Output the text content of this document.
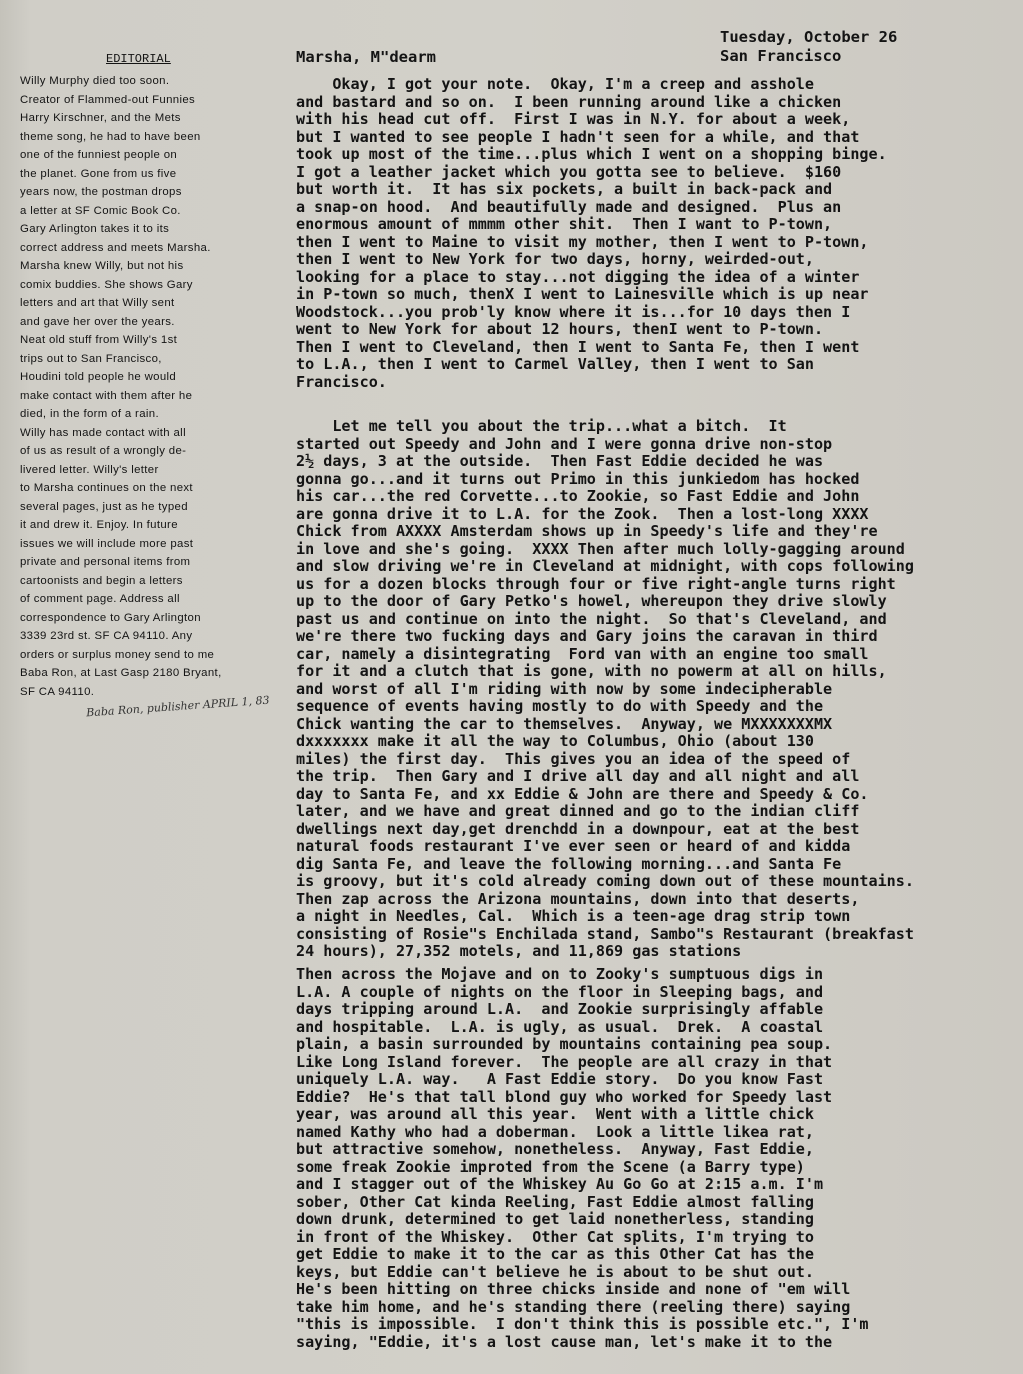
EDITORIAL
Willy Murphy died too soon.
Creator of Flammed-out Funnies
Harry Kirschner, and the Mets
theme song, he had to have been
one of the funniest people on
the planet. Gone from us five
years now, the postman drops
a letter at SF Comic Book Co.
Gary Arlington takes it to its
correct address and meets Marsha.
Marsha knew Willy, but not his
comix buddies. She shows Gary
letters and art that Willy sent
and gave her over the years.
Neat old stuff from Willy's 1st
trips out to San Francisco,
Houdini told people he would
make contact with them after he
died, in the form of a rain.
Willy has made contact with all
of us as result of a wrongly de-
livered letter. Willy's letter
to Marsha continues on the next
several pages, just as he typed
it and drew it. Enjoy. In future
issues we will include more past
private and personal items from
cartoonists and begin a letters
of comment page. Address all
correspondence to Gary Arlington
3339 23rd st. SF CA 94110. Any
orders or surplus money send to me
Baba Ron, at Last Gasp 2180 Bryant,
SF CA 94110.
Baba Ron, publisher APRIL 1, 83
Tuesday, October 26
San Francisco
Marsha, M"dearm
Okay, I got your note.  Okay, I'm a creep and asshole
and bastard and so on.  I been running around like a chicken
with his head cut off.  First I was in N.Y. for about a week,
but I wanted to see people I hadn't seen for a while, and that
took up most of the time...plus which I went on a shopping binge.
I got a leather jacket which you gotta see to believe.  $160
but worth it.  It has six pockets, a built in back-pack and
a snap-on hood.  And beautifully made and designed.  Plus an
enormous amount of mmmm other shit.  Then I want to P-town,
then I went to Maine to visit my mother, then I went to P-town,
then I went to New York for two days, horny, weirded-out,
looking for a place to stay...not digging the idea of a winter
in P-town so much, thenX I went to Lainesville which is up near
Woodstock...you prob'ly know where it is...for 10 days then I
went to New York for about 12 hours, thenI went to P-town.
Then I went to Cleveland, then I went to Santa Fe, then I went
to L.A., then I went to Carmel Valley, then I went to San
Francisco.
Let me tell you about the trip...what a bitch.  It
started out Speedy and John and I were gonna drive non-stop
2½ days, 3 at the outside.  Then Fast Eddie decided he was
gonna go...and it turns out Primo in this junkiedom has hocked
his car...the red Corvette...to Zookie, so Fast Eddie and John
are gonna drive it to L.A. for the Zook.  Then a lost-long XXXX
Chick from AXXXX Amsterdam shows up in Speedy's life and they're
in love and she's going.  XXXX Then after much lolly-gagging around
and slow driving we're in Cleveland at midnight, with cops following
us for a dozen blocks through four or five right-angle turns right
up to the door of Gary Petko's howel, whereupon they drive slowly
past us and continue on into the night.  So that's Cleveland, and
we're there two fucking days and Gary joins the caravan in third
car, namely a disintegrating  Ford van with an engine too small
for it and a clutch that is gone, with no powerm at all on hills,
and worst of all I'm riding with now by some indecipherable
sequence of events having mostly to do with Speedy and the
Chick wanting the car to themselves.  Anyway, we MXXXXXXXMX
dxxxxxxx make it all the way to Columbus, Ohio (about 130
miles) the first day.  This gives you an idea of the speed of
the trip.  Then Gary and I drive all day and all night and all
day to Santa Fe, and xx Eddie & John are there and Speedy & Co.
later, and we have and great dinned and go to the indian cliff
dwellings next day,get drenchdd in a downpour, eat at the best
natural foods restaurant I've ever seen or heard of and kidda
dig Santa Fe, and leave the following morning...and Santa Fe
is groovy, but it's cold already coming down out of these mountains.
Then zap across the Arizona mountains, down into that deserts,
a night in Needles, Cal.  Which is a teen-age drag strip town
consisting of Rosie"s Enchilada stand, Sambo"s Restaurant (breakfast
24 hours), 27,352 motels, and 11,869 gas stations
Then across the Mojave and on to Zooky's sumptuous digs in
L.A. A couple of nights on the floor in Sleeping bags, and
days tripping around L.A.  and Zookie surprisingly affable
and hospitable.  L.A. is ugly, as usual.  Drek.  A coastal
plain, a basin surrounded by mountains containing pea soup.
Like Long Island forever.  The people are all crazy in that
uniquely L.A. way.   A Fast Eddie story.  Do you know Fast
Eddie?  He's that tall blond guy who worked for Speedy last
year, was around all this year.  Went with a little chick
named Kathy who had a doberman.  Look a little likea rat,
but attractive somehow, nonetheless.  Anyway, Fast Eddie,
some freak Zookie improted from the Scene (a Barry type)
and I stagger out of the Whiskey Au Go Go at 2:15 a.m. I'm
sober, Other Cat kinda Reeling, Fast Eddie almost falling
down drunk, determined to get laid nonetherless, standing
in front of the Whiskey.  Other Cat splits, I'm trying to
get Eddie to make it to the car as this Other Cat has the
keys, but Eddie can't believe he is about to be shut out.
He's been hitting on three chicks inside and none of "em will
take him home, and he's standing there (reeling there) saying
"this is impossible.  I don't think this is possible etc.", I'm
saying, "Eddie, it's a lost cause man, let's make it to the
